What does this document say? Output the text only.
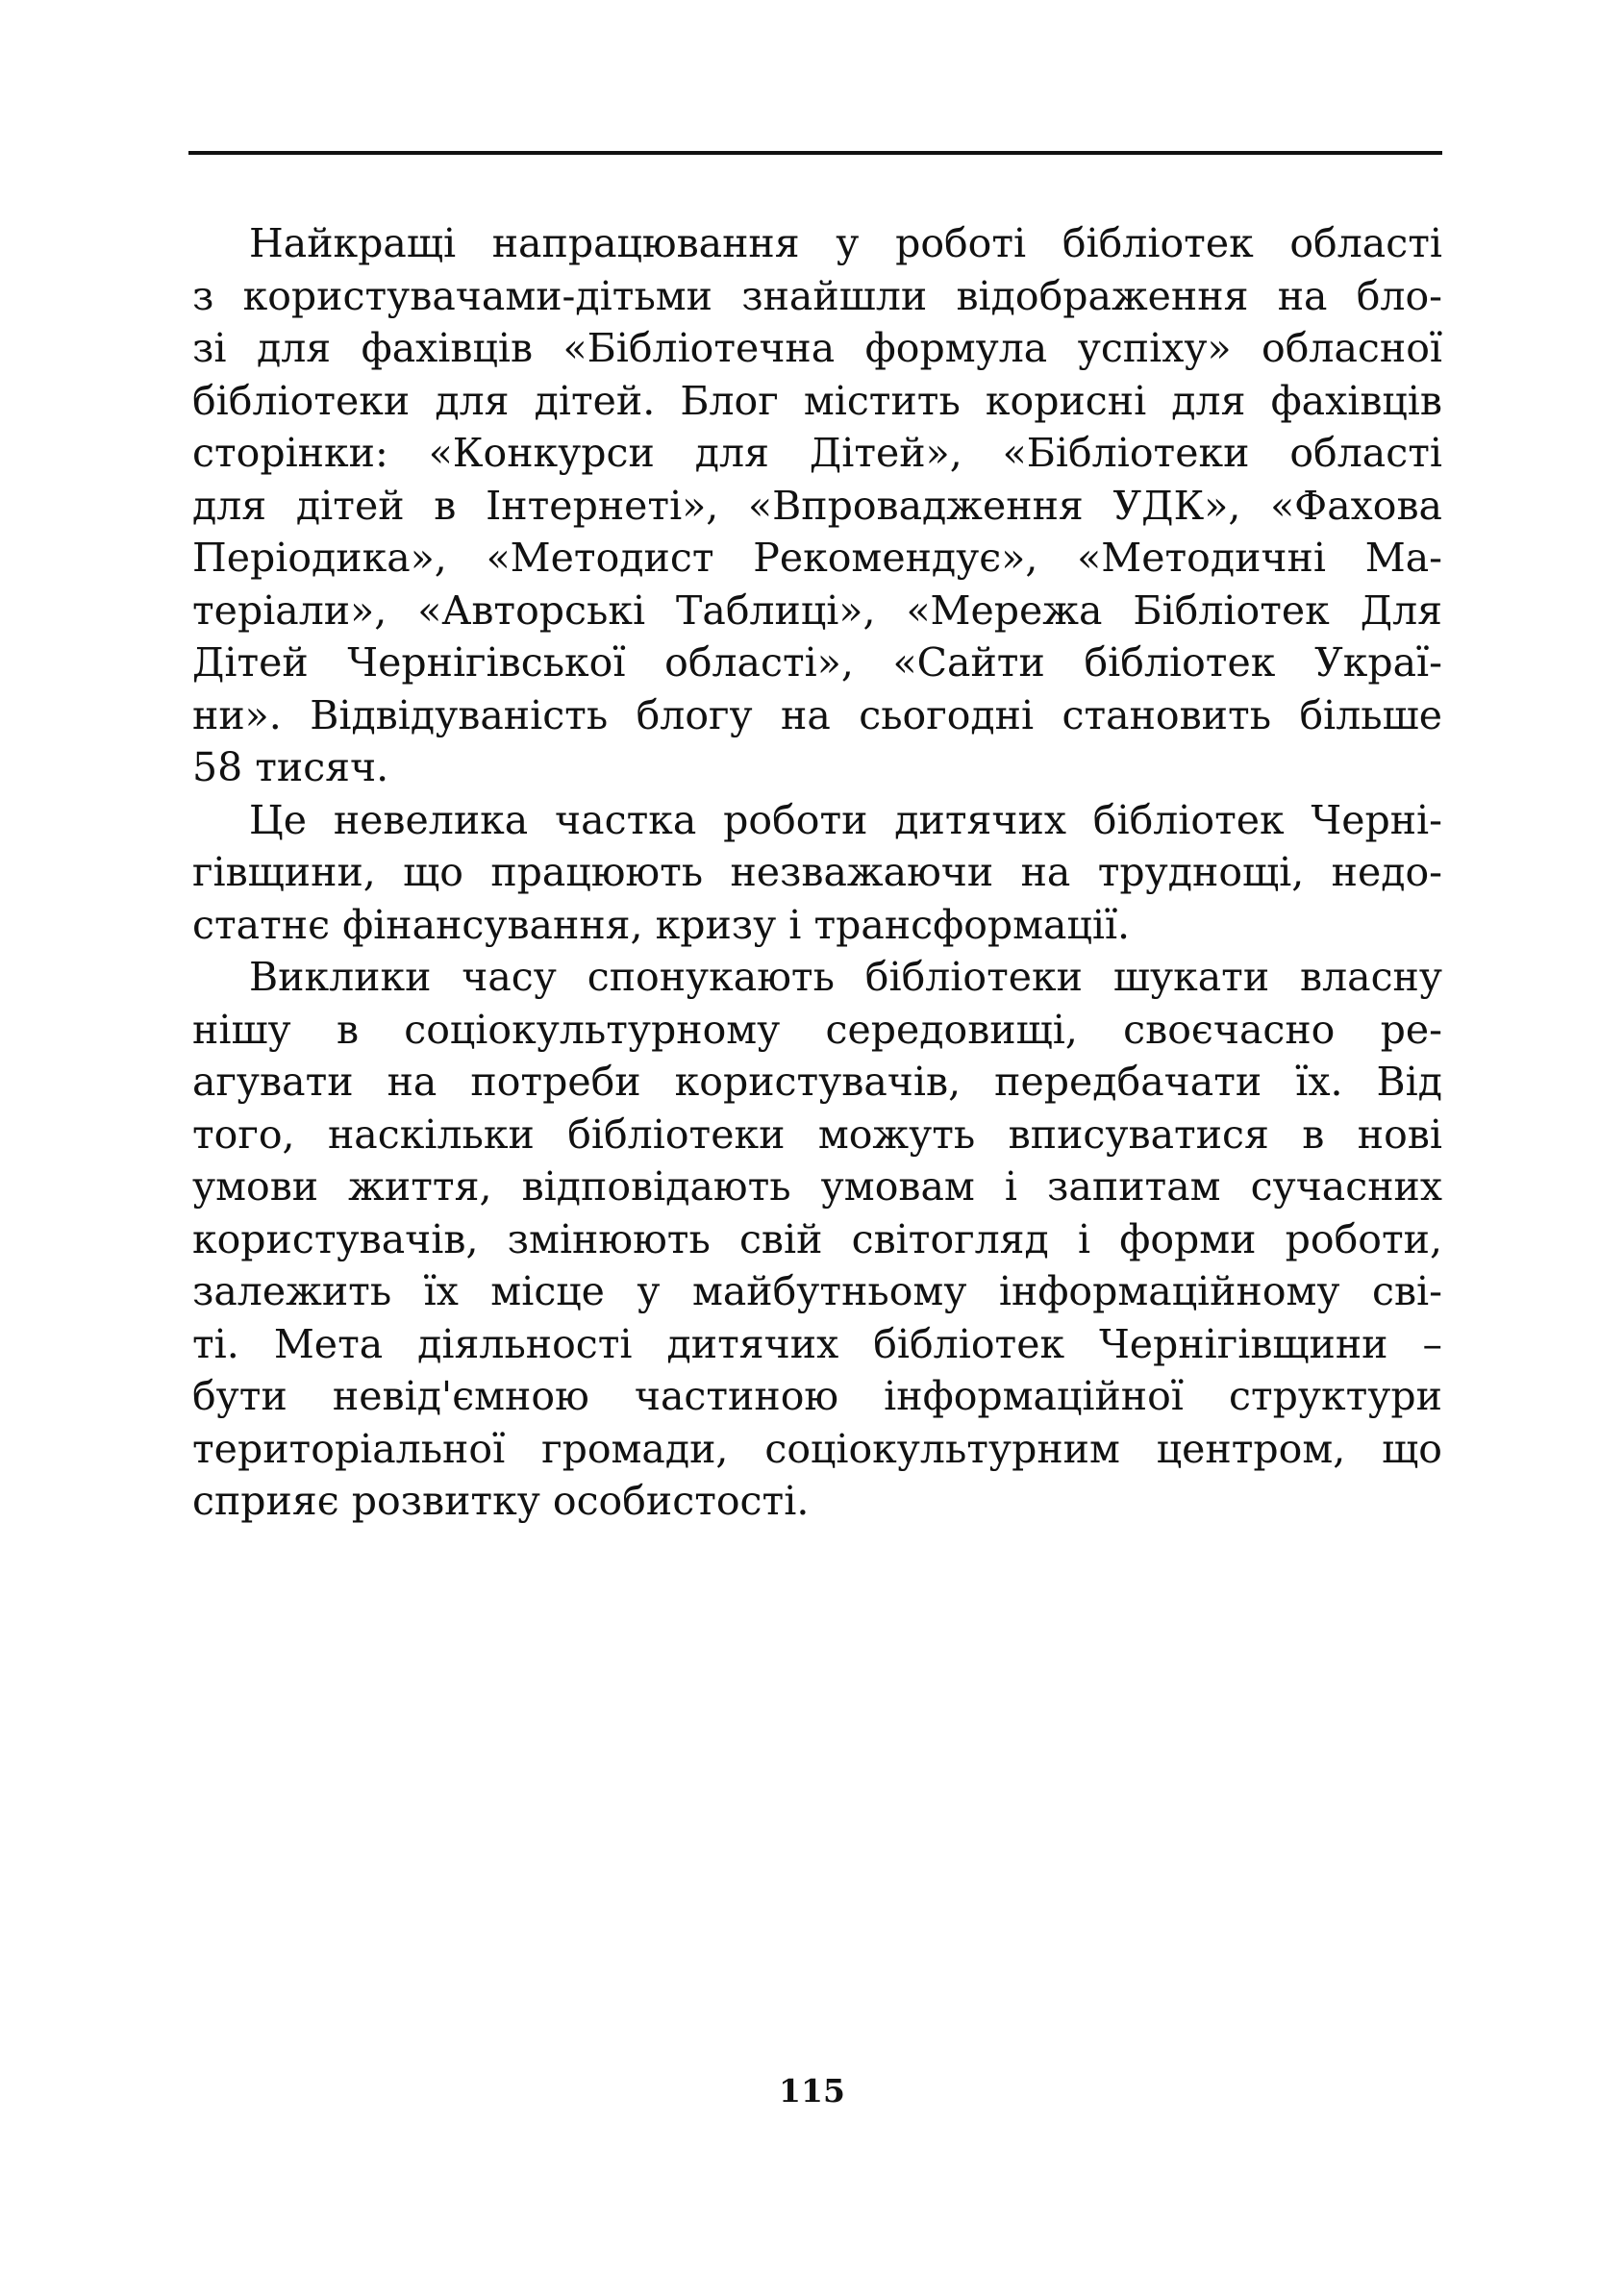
Найкращі напрацювання у роботі бібліотек області
з користувачами-дітьми знайшли відображення на бло-
зі для фахівців «Бібліотечна формула успіху» обласної
бібліотеки для дітей. Блог містить корисні для фахівців
сторінки: «Конкурси для Дітей», «Бібліотеки області
для дітей в Інтернеті», «Впровадження УДК», «Фахова
Періодика», «Методист Рекомендує», «Методичні Ма-
теріали», «Авторські Таблиці», «Мережа Бібліотек Для
Дітей Чернігівської області», «Сайти бібліотек Украї-
ни». Відвідуваність блогу на сьогодні становить більше
58 тисяч.
Це невелика частка роботи дитячих бібліотек Черні-
гівщини, що працюють незважаючи на труднощі, недо-
статнє фінансування, кризу і трансформації.
Виклики часу спонукають бібліотеки шукати власну
нішу в соціокультурному середовищі, своєчасно ре-
агувати на потреби користувачів, передбачати їх. Від
того, наскільки бібліотеки можуть вписуватися в нові
умови життя, відповідають умовам і запитам сучасних
користувачів, змінюють свій світогляд і форми роботи,
залежить їх місце у майбутньому інформаційному сві-
ті. Мета діяльності дитячих бібліотек Чернігівщини –
бути невід'ємною частиною інформаційної структури
територіальної громади, соціокультурним центром, що
сприяє розвитку особистості.
115
